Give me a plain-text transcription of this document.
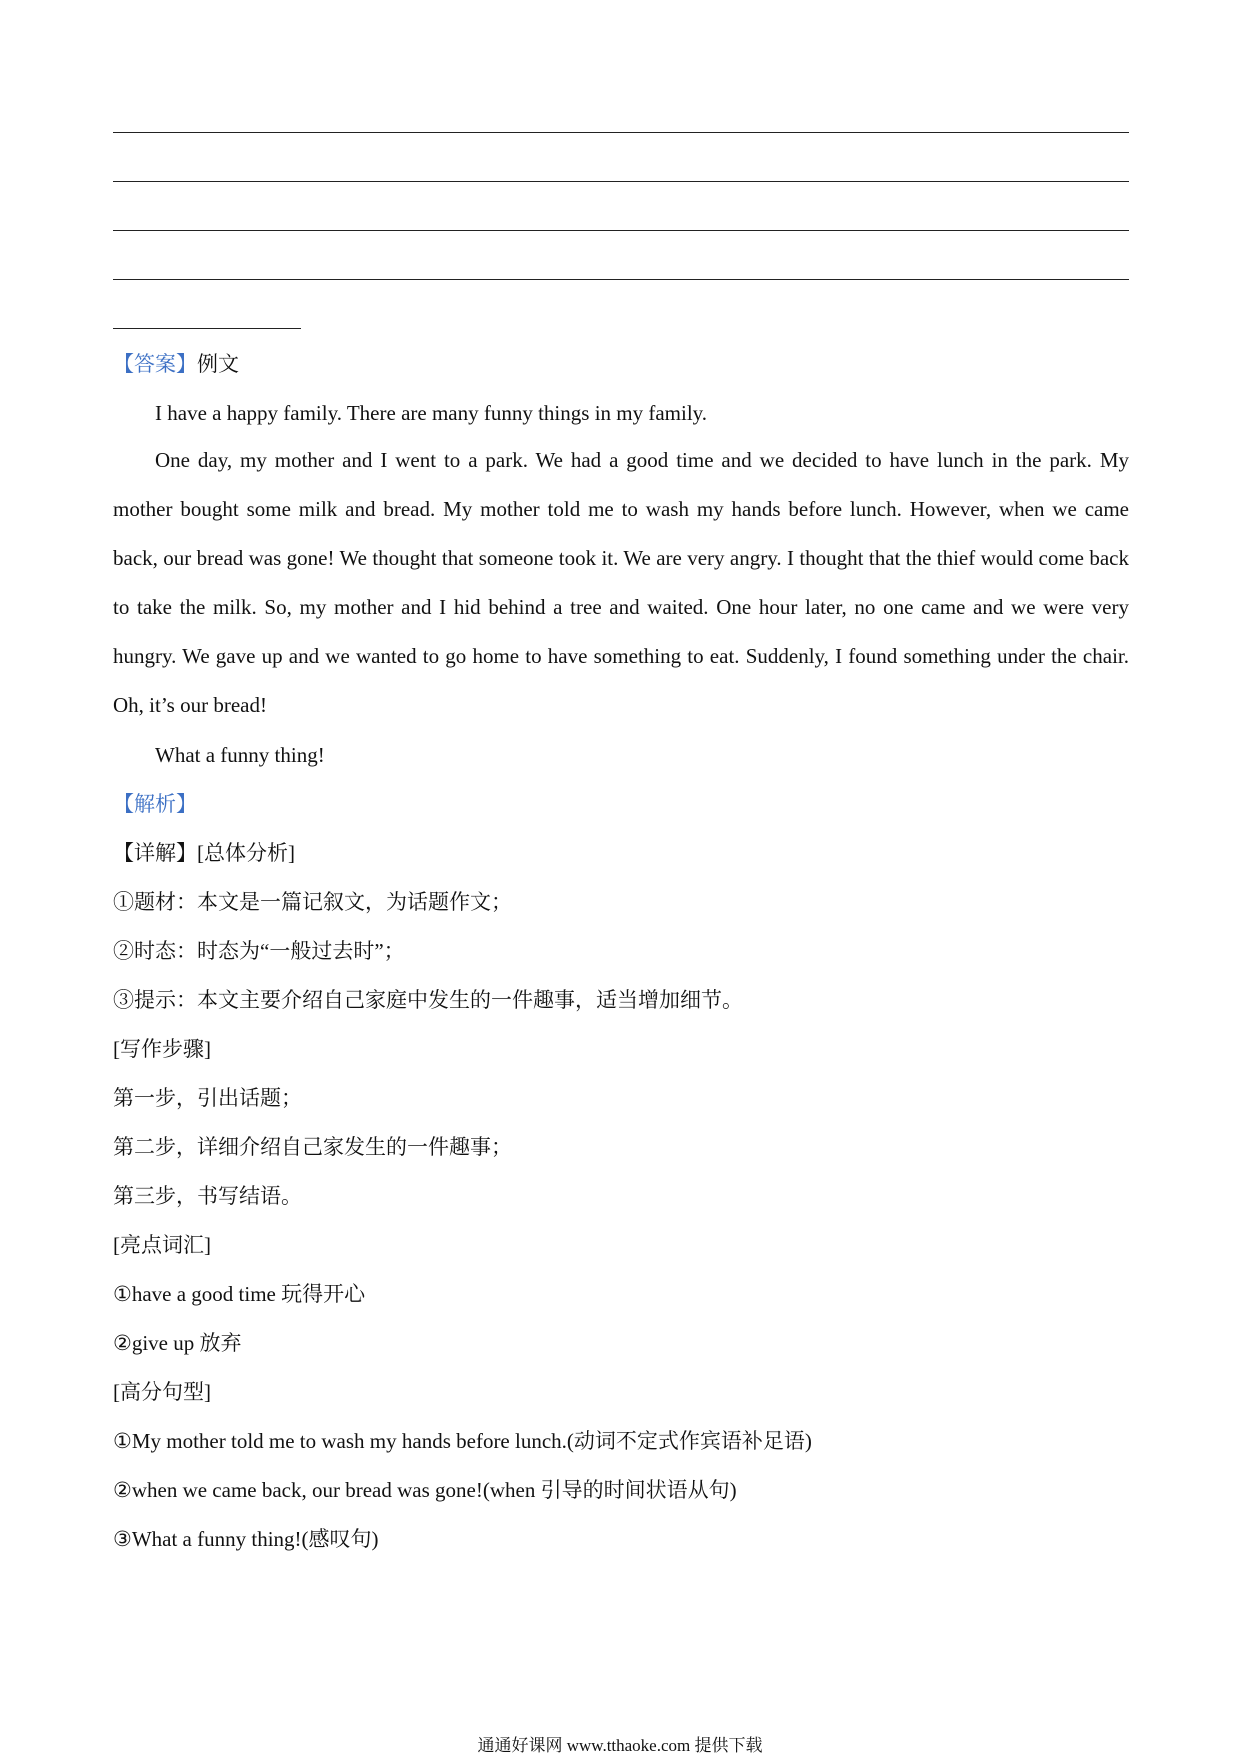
【答案】例文
I have a happy family. There are many funny things in my family.

One day, my mother and I went to a park. We had a good time and we decided to have lunch in the park. My mother bought some milk and bread. My mother told me to wash my hands before lunch. However, when we came back, our bread was gone! We thought that someone took it. We are very angry. I thought that the thief would come back to take the milk. So, my mother and I hid behind a tree and waited. One hour later, no one came and we were very hungry. We gave up and we wanted to go home to have something to eat. Suddenly, I found something under the chair. Oh, it’s our bread!

What a funny thing!
【解析】
【详解】[总体分析]
①题材：本文是一篇记叙文，为话题作文；
②时态：时态为“一般过去时”；
③提示：本文主要介绍自己家庭中发生的一件趣事，适当增加细节。
[写作步骤]
第一步，引出话题；
第二步，详细介绍自己家发生的一件趣事；
第三步，书写结语。
[亮点词汇]
①have a good time 玩得开心
②give up 放弃
[高分句型]
①My mother told me to wash my hands before lunch.(动词不定式作宾语补足语)
②when we came back, our bread was gone!(when 引导的时间状语从句)
③What a funny thing!(感叹句)
通通好课网 www.tthaoke.com 提供下载
